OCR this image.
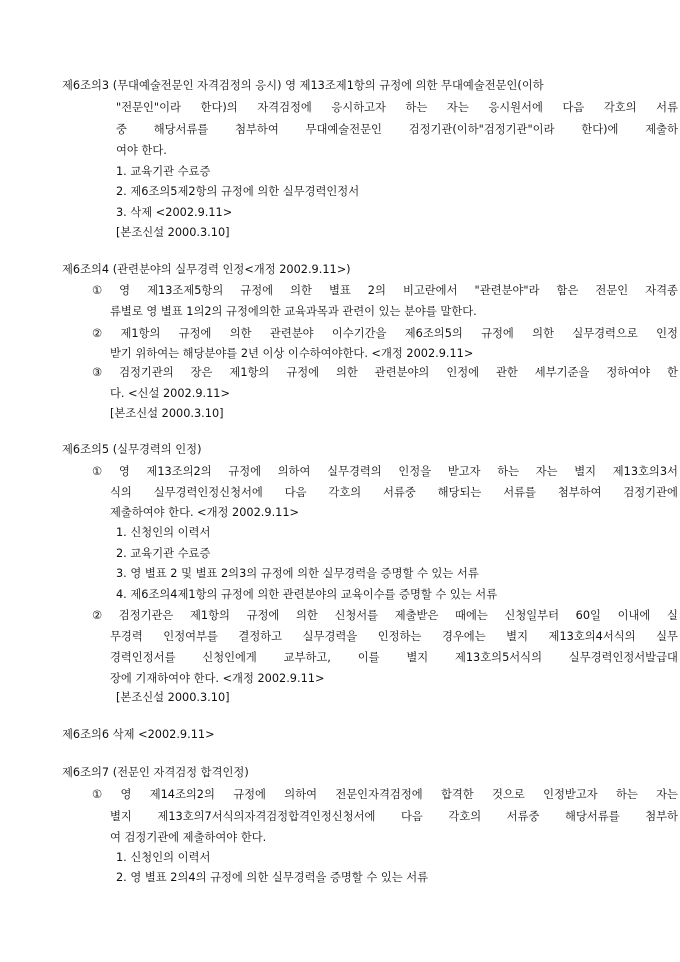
제6조의3 (무대예술전문인 자격검정의 응시) 영 제13조제1항의 규정에 의한 무대예술전문인(이하
"전문인"이라 한다)의 자격검정에 응시하고자 하는 자는 응시원서에 다음 각호의 서류
중 해당서류를 첨부하여 무대예술전문인 검정기관(이하"검정기관"이라 한다)에 제출하
여야 한다.
1. 교육기관 수료증
2. 제6조의5제2항의 규정에 의한 실무경력인정서
3. 삭제 <2002.9.11>
[본조신설 2000.3.10]
제6조의4 (관련분야의 실무경력 인정<개정 2002.9.11>)
① 영 제13조제5항의 규정에 의한 별표 2의 비고란에서 "관련분야"라 함은 전문인 자격종
류별로 영 별표 1의2의 규정에의한 교육과목과 관련이 있는 분야를 말한다.
② 제1항의 규정에 의한 관련분야 이수기간을 제6조의5의 규정에 의한 실무경력으로 인정
받기 위하여는 해당분야를 2년 이상 이수하여야한다. <개정 2002.9.11>
③ 검정기관의 장은 제1항의 규정에 의한 관련분야의 인정에 관한 세부기준을 정하여야 한
다. <신설 2002.9.11>
[본조신설 2000.3.10]
제6조의5 (실무경력의 인정)
① 영 제13조의2의 규정에 의하여 실무경력의 인정을 받고자 하는 자는 별지 제13호의3서
식의 실무경력인정신청서에 다음 각호의 서류중 해당되는 서류를 첨부하여 검정기관에
제출하여야 한다. <개정 2002.9.11>
1. 신청인의 이력서
2. 교육기관 수료증
3. 영 별표 2 및 별표 2의3의 규정에 의한 실무경력을 증명할 수 있는 서류
4. 제6조의4제1항의 규정에 의한 관련분야의 교육이수를 증명할 수 있는 서류
② 검정기관은 제1항의 규정에 의한 신청서를 제출받은 때에는 신청일부터 60일 이내에 실
무경력 인정여부를 결정하고 실무경력을 인정하는 경우에는 별지 제13호의4서식의 실무
경력인정서를 신청인에게 교부하고, 이를 별지 제13호의5서식의 실무경력인정서발급대
장에 기재하여야 한다. <개정 2002.9.11>
[본조신설 2000.3.10]
제6조의6 삭제 <2002.9.11>
제6조의7 (전문인 자격검정 합격인정)
① 영 제14조의2의 규정에 의하여 전문인자격검정에 합격한 것으로 인정받고자 하는 자는
별지 제13호의7서식의자격검정합격인정신청서에 다음 각호의 서류중 해당서류를 첨부하
여 검정기관에 제출하여야 한다.
1. 신청인의 이력서
2. 영 별표 2의4의 규정에 의한 실무경력을 증명할 수 있는 서류
